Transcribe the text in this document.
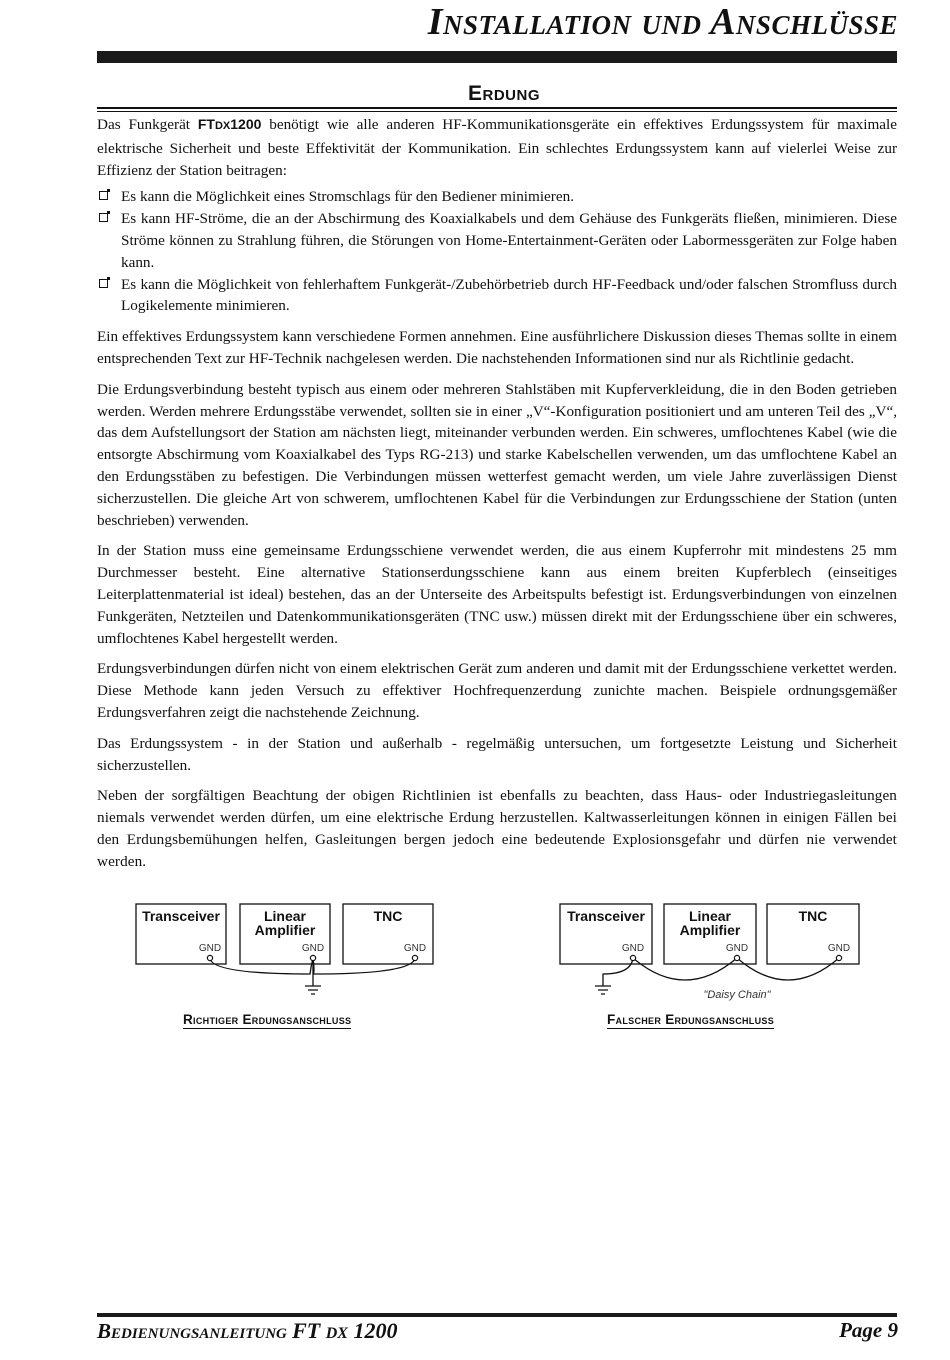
Installation und Anschlüsse
Erdung

Das Funkgerät FTDX1200 benötigt wie alle anderen HF-Kommunikationsgeräte ein effektives Erdungssystem für maximale elektrische Sicherheit und beste Effektivität der Kommunikation. Ein schlechtes Erdungssystem kann auf vielerlei Weise zur Effizienz der Station beitragen:

Es kann die Möglichkeit eines Stromschlags für den Bediener minimieren.
Es kann HF-Ströme, die an der Abschirmung des Koaxialkabels und dem Gehäuse des Funkgeräts fließen, minimieren. Diese Ströme können zu Strahlung führen, die Störungen von Home-Entertainment-Geräten oder Labormessgeräten zur Folge haben kann.
Es kann die Möglichkeit von fehlerhaftem Funkgerät-/Zubehörbetrieb durch HF-Feedback und/oder falschen Stromfluss durch Logikelemente minimieren.

Ein effektives Erdungssystem kann verschiedene Formen annehmen. Eine ausführlichere Diskussion dieses Themas sollte in einem entsprechenden Text zur HF-Technik nachgelesen werden. Die nachstehenden Informationen sind nur als Richtlinie gedacht.

Die Erdungsverbindung besteht typisch aus einem oder mehreren Stahlstäben mit Kupferverkleidung, die in den Boden getrieben werden. Werden mehrere Erdungsstäbe verwendet, sollten sie in einer „V“-Konfiguration positioniert und am unteren Teil des „V“, das dem Aufstellungsort der Station am nächsten liegt, miteinander verbunden werden. Ein schweres, umflochtenes Kabel (wie die entsorgte Abschirmung vom Koaxialkabel des Typs RG-213) und starke Kabelschellen verwenden, um das umflochtene Kabel an den Erdungsstäben zu befestigen. Die Verbindungen müssen wetterfest gemacht werden, um viele Jahre zuverlässigen Dienst sicherzustellen. Die gleiche Art von schwerem, umflochtenen Kabel für die Verbindungen zur Erdungsschiene der Station (unten beschrieben) verwenden.

In der Station muss eine gemeinsame Erdungsschiene verwendet werden, die aus einem Kupferrohr mit mindestens 25 mm Durchmesser besteht. Eine alternative Stationserdungsschiene kann aus einem breiten Kupferblech (einseitiges Leiterplattenmaterial ist ideal) bestehen, das an der Unterseite des Arbeitspults befestigt ist. Erdungsverbindungen von einzelnen Funkgeräten, Netzteilen und Datenkommunikationsgeräten (TNC usw.) müssen direkt mit der Erdungsschiene über ein schweres, umflochtenes Kabel hergestellt werden.

Erdungsverbindungen dürfen nicht von einem elektrischen Gerät zum anderen und damit mit der Erdungsschiene verkettet werden. Diese Methode kann jeden Versuch zu effektiver Hochfrequenzerdung zunichte machen. Beispiele ordnungsgemäßer Erdungsverfahren zeigt die nachstehende Zeichnung.

Das Erdungssystem - in der Station und außerhalb - regelmäßig untersuchen, um fortgesetzte Leistung und Sicherheit sicherzustellen.

Neben der sorgfältigen Beachtung der obigen Richtlinien ist ebenfalls zu beachten, dass Haus- oder Industriegasleitungen niemals verwendet werden dürfen, um eine elektrische Erdung herzustellen. Kaltwasserleitungen können in einigen Fällen bei den Erdungsbemühungen helfen, Gasleitungen bergen jedoch eine bedeutende Explosionsgefahr und dürfen nie verwendet werden.

Transceiver	Linear
Amplifier
TNC
GND	GND	GND
Richtiger Erdungsanschluss
Transceiver	Linear
Amplifier
TNC
GND	GND	GND
"Daisy Chain"
Falscher Erdungsanschluss
Bedienungsanleitung FT DX 1200	Page 9
